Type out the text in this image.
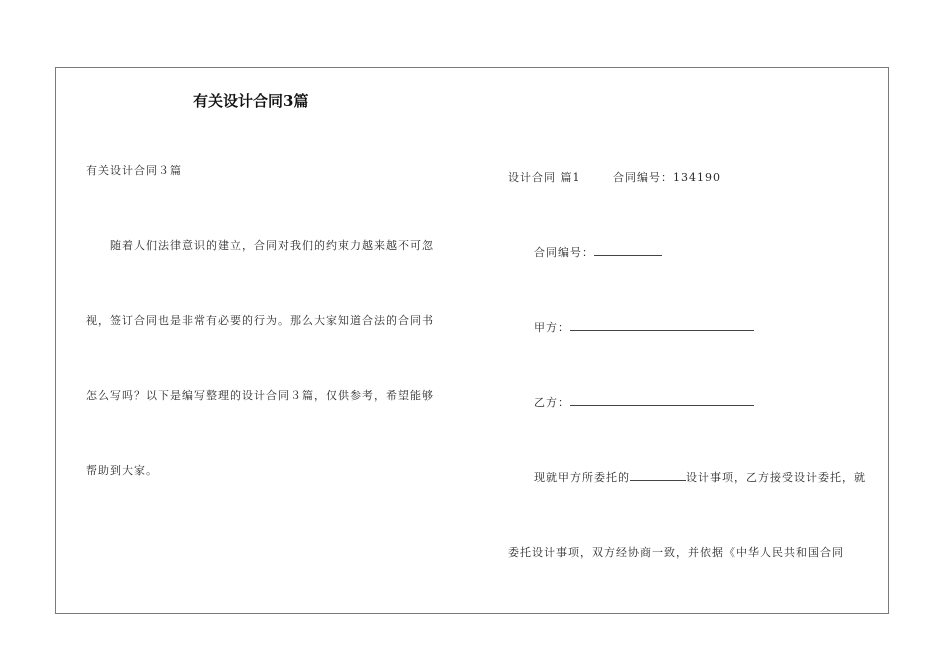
有关设计合同3篇
有关设计合同３篇
随着人们法律意识的建立，合同对我们的约束力越来越不可忽
视，签订合同也是非常有必要的行为。那么大家知道合法的合同书
怎么写吗？以下是编写整理的设计合同３篇，仅供参考，希望能够
帮助到大家。
设计合同 篇1	合同编号：134190
合同编号：
甲方：
乙方：
现就甲方所委托的	设计事项，乙方接受设计委托，就
委托设计事项，双方经协商一致，并依据《中华人民共和国合同
